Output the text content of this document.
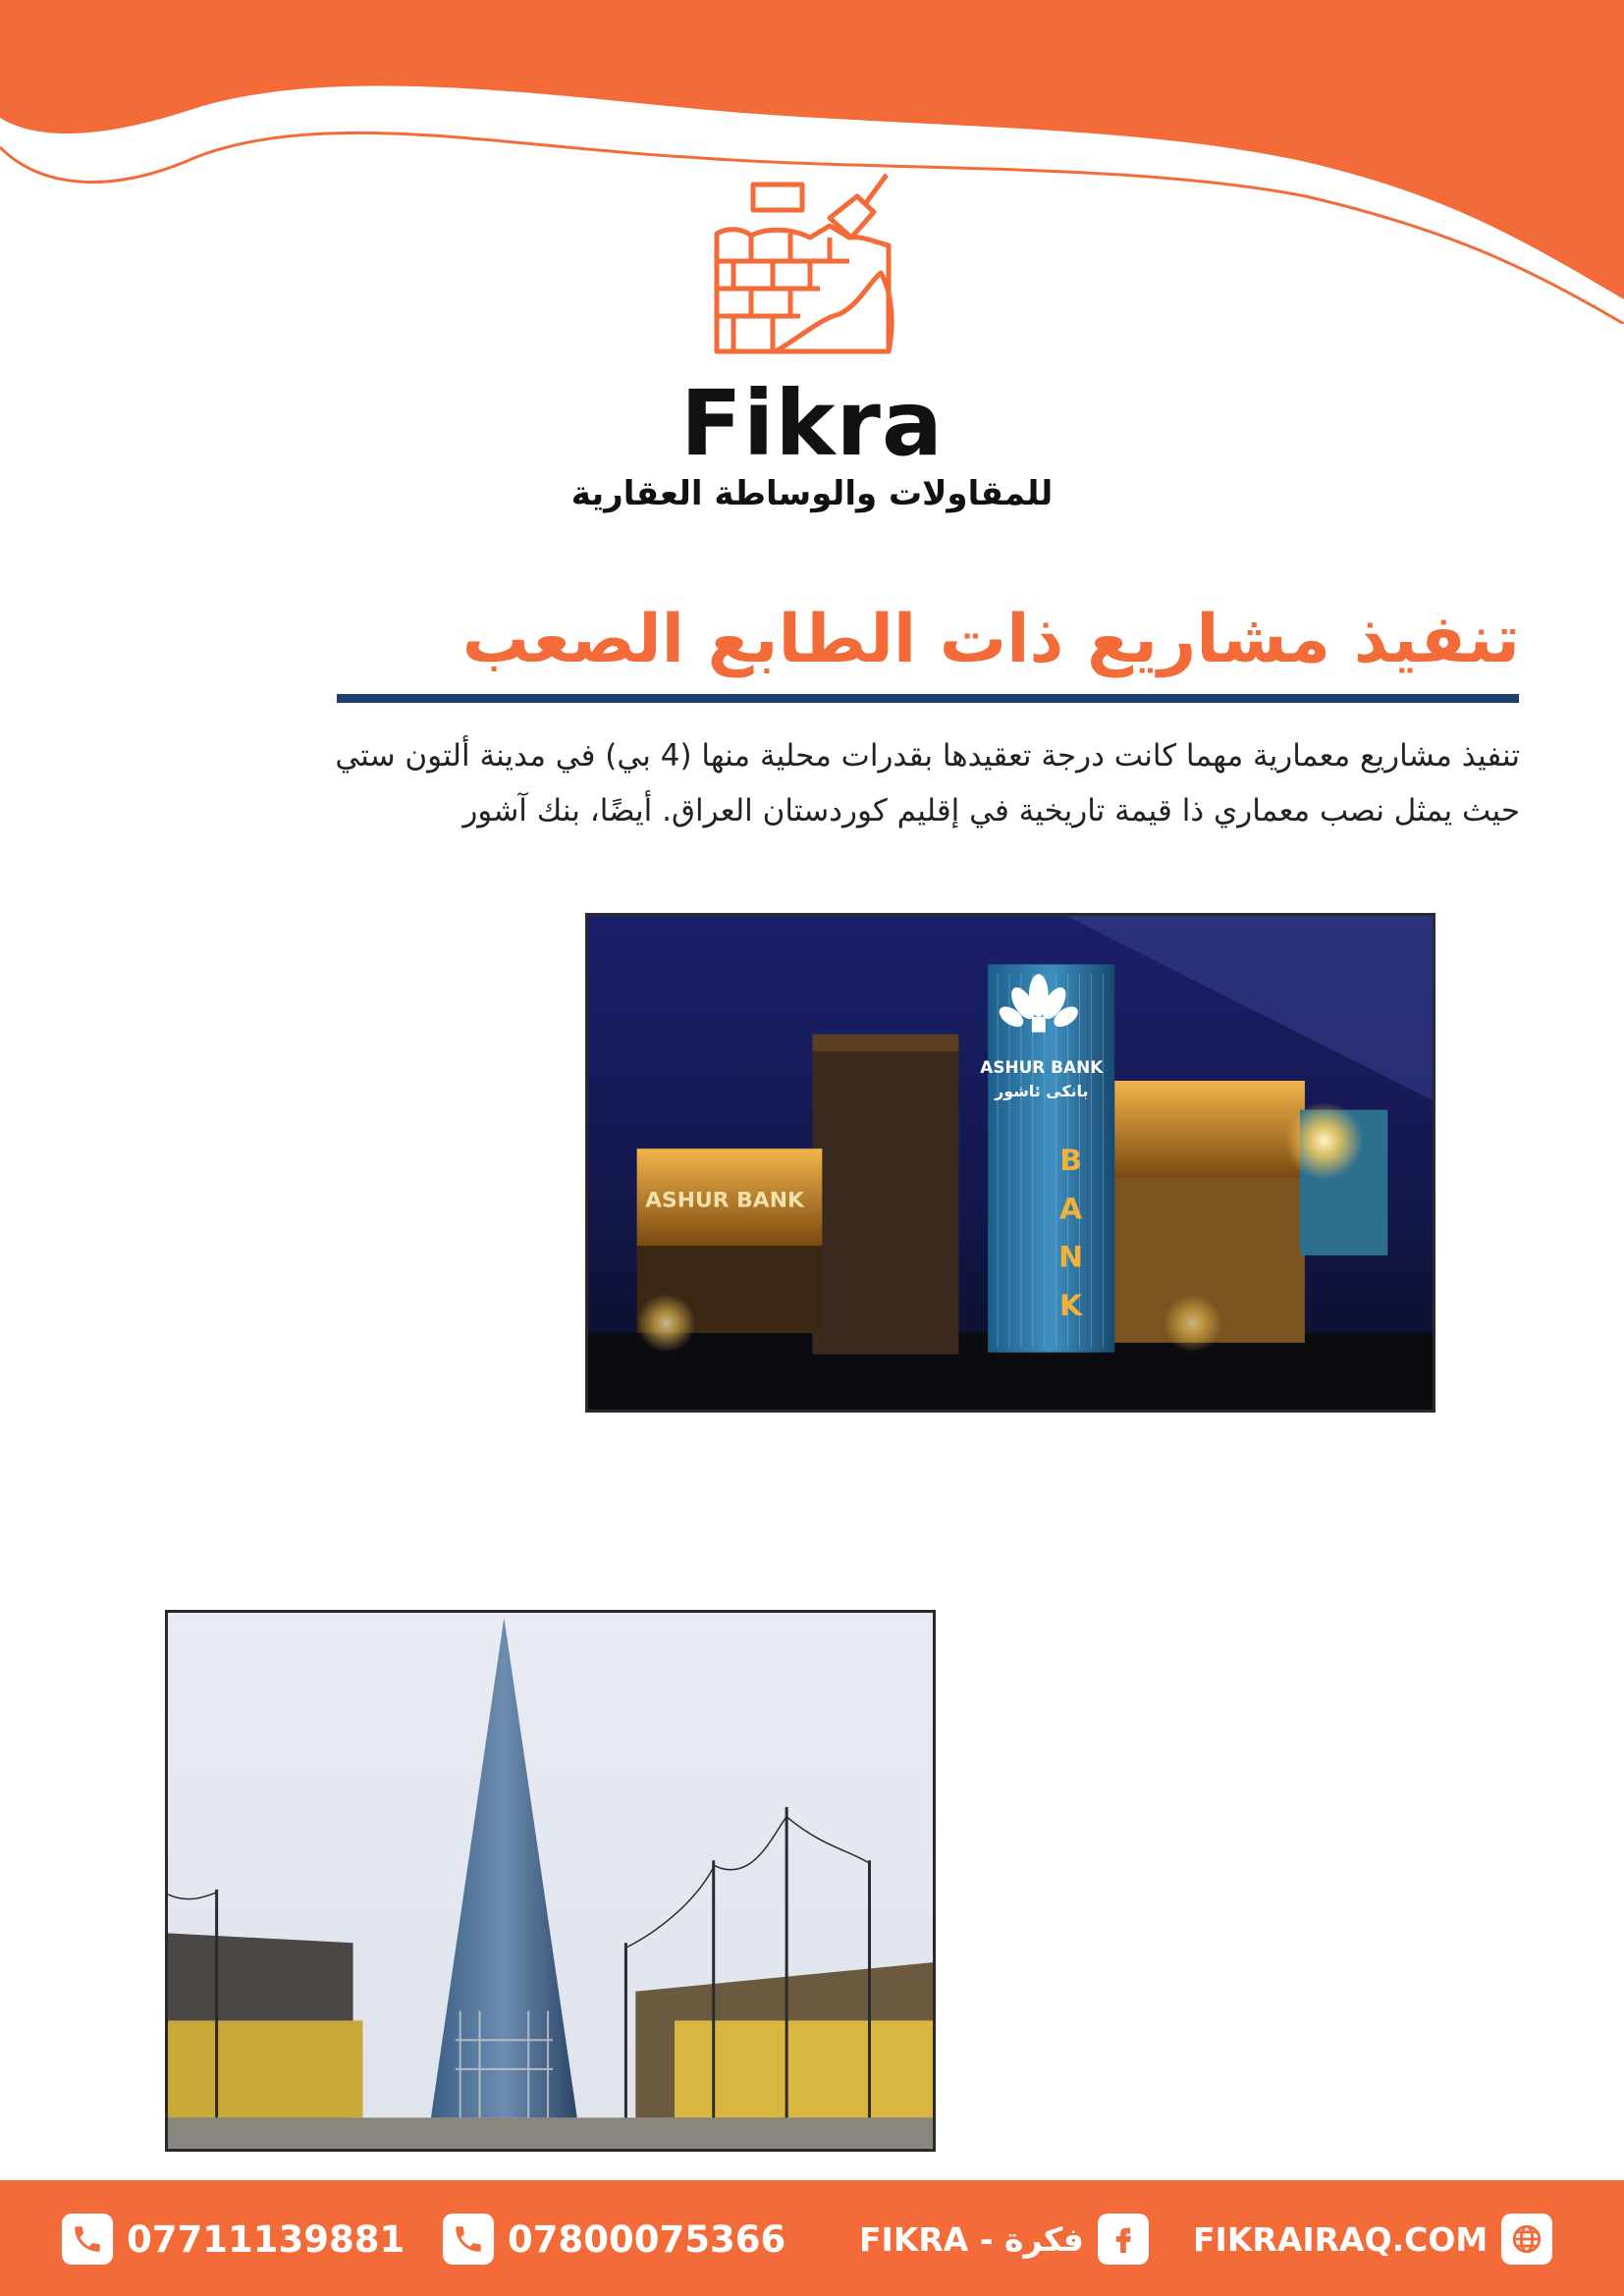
Fikra
للمقاولات والوساطة العقارية
تنفيذ مشاريع ذات الطابع الصعب
تنفيذ مشاريع معمارية مهما كانت درجة تعقيدها بقدرات محلية منها (4 بي) في مدينة ألتون ستي
حيث يمثل نصب معماري ذا قيمة تاريخية في إقليم كوردستان العراق. أيضًا، بنك آشور
ASHUR BANK
بانكى ئاشور
B
A
N
K
ASHUR BANK
07711139881	07800075366 FIKRA - فكرة	FIKRAIRAQ.COM
